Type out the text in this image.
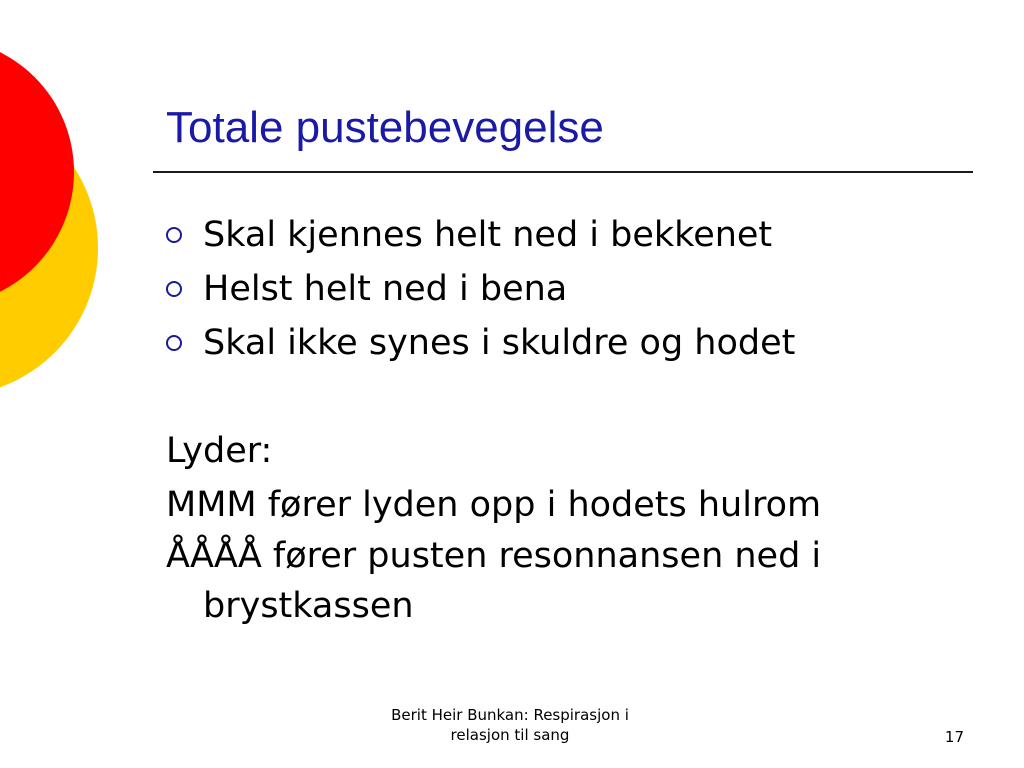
Totale pustebevegelse
Skal kjennes helt ned i bekkenet
Helst helt ned i bena
Skal ikke synes i skuldre og hodet
Lyder:
MMM fører lyden opp i hodets hulrom
ÅÅÅÅ fører pusten resonnansen ned i brystkassen
Berit Heir Bunkan: Respirasjon i
relasjon til sang	17
